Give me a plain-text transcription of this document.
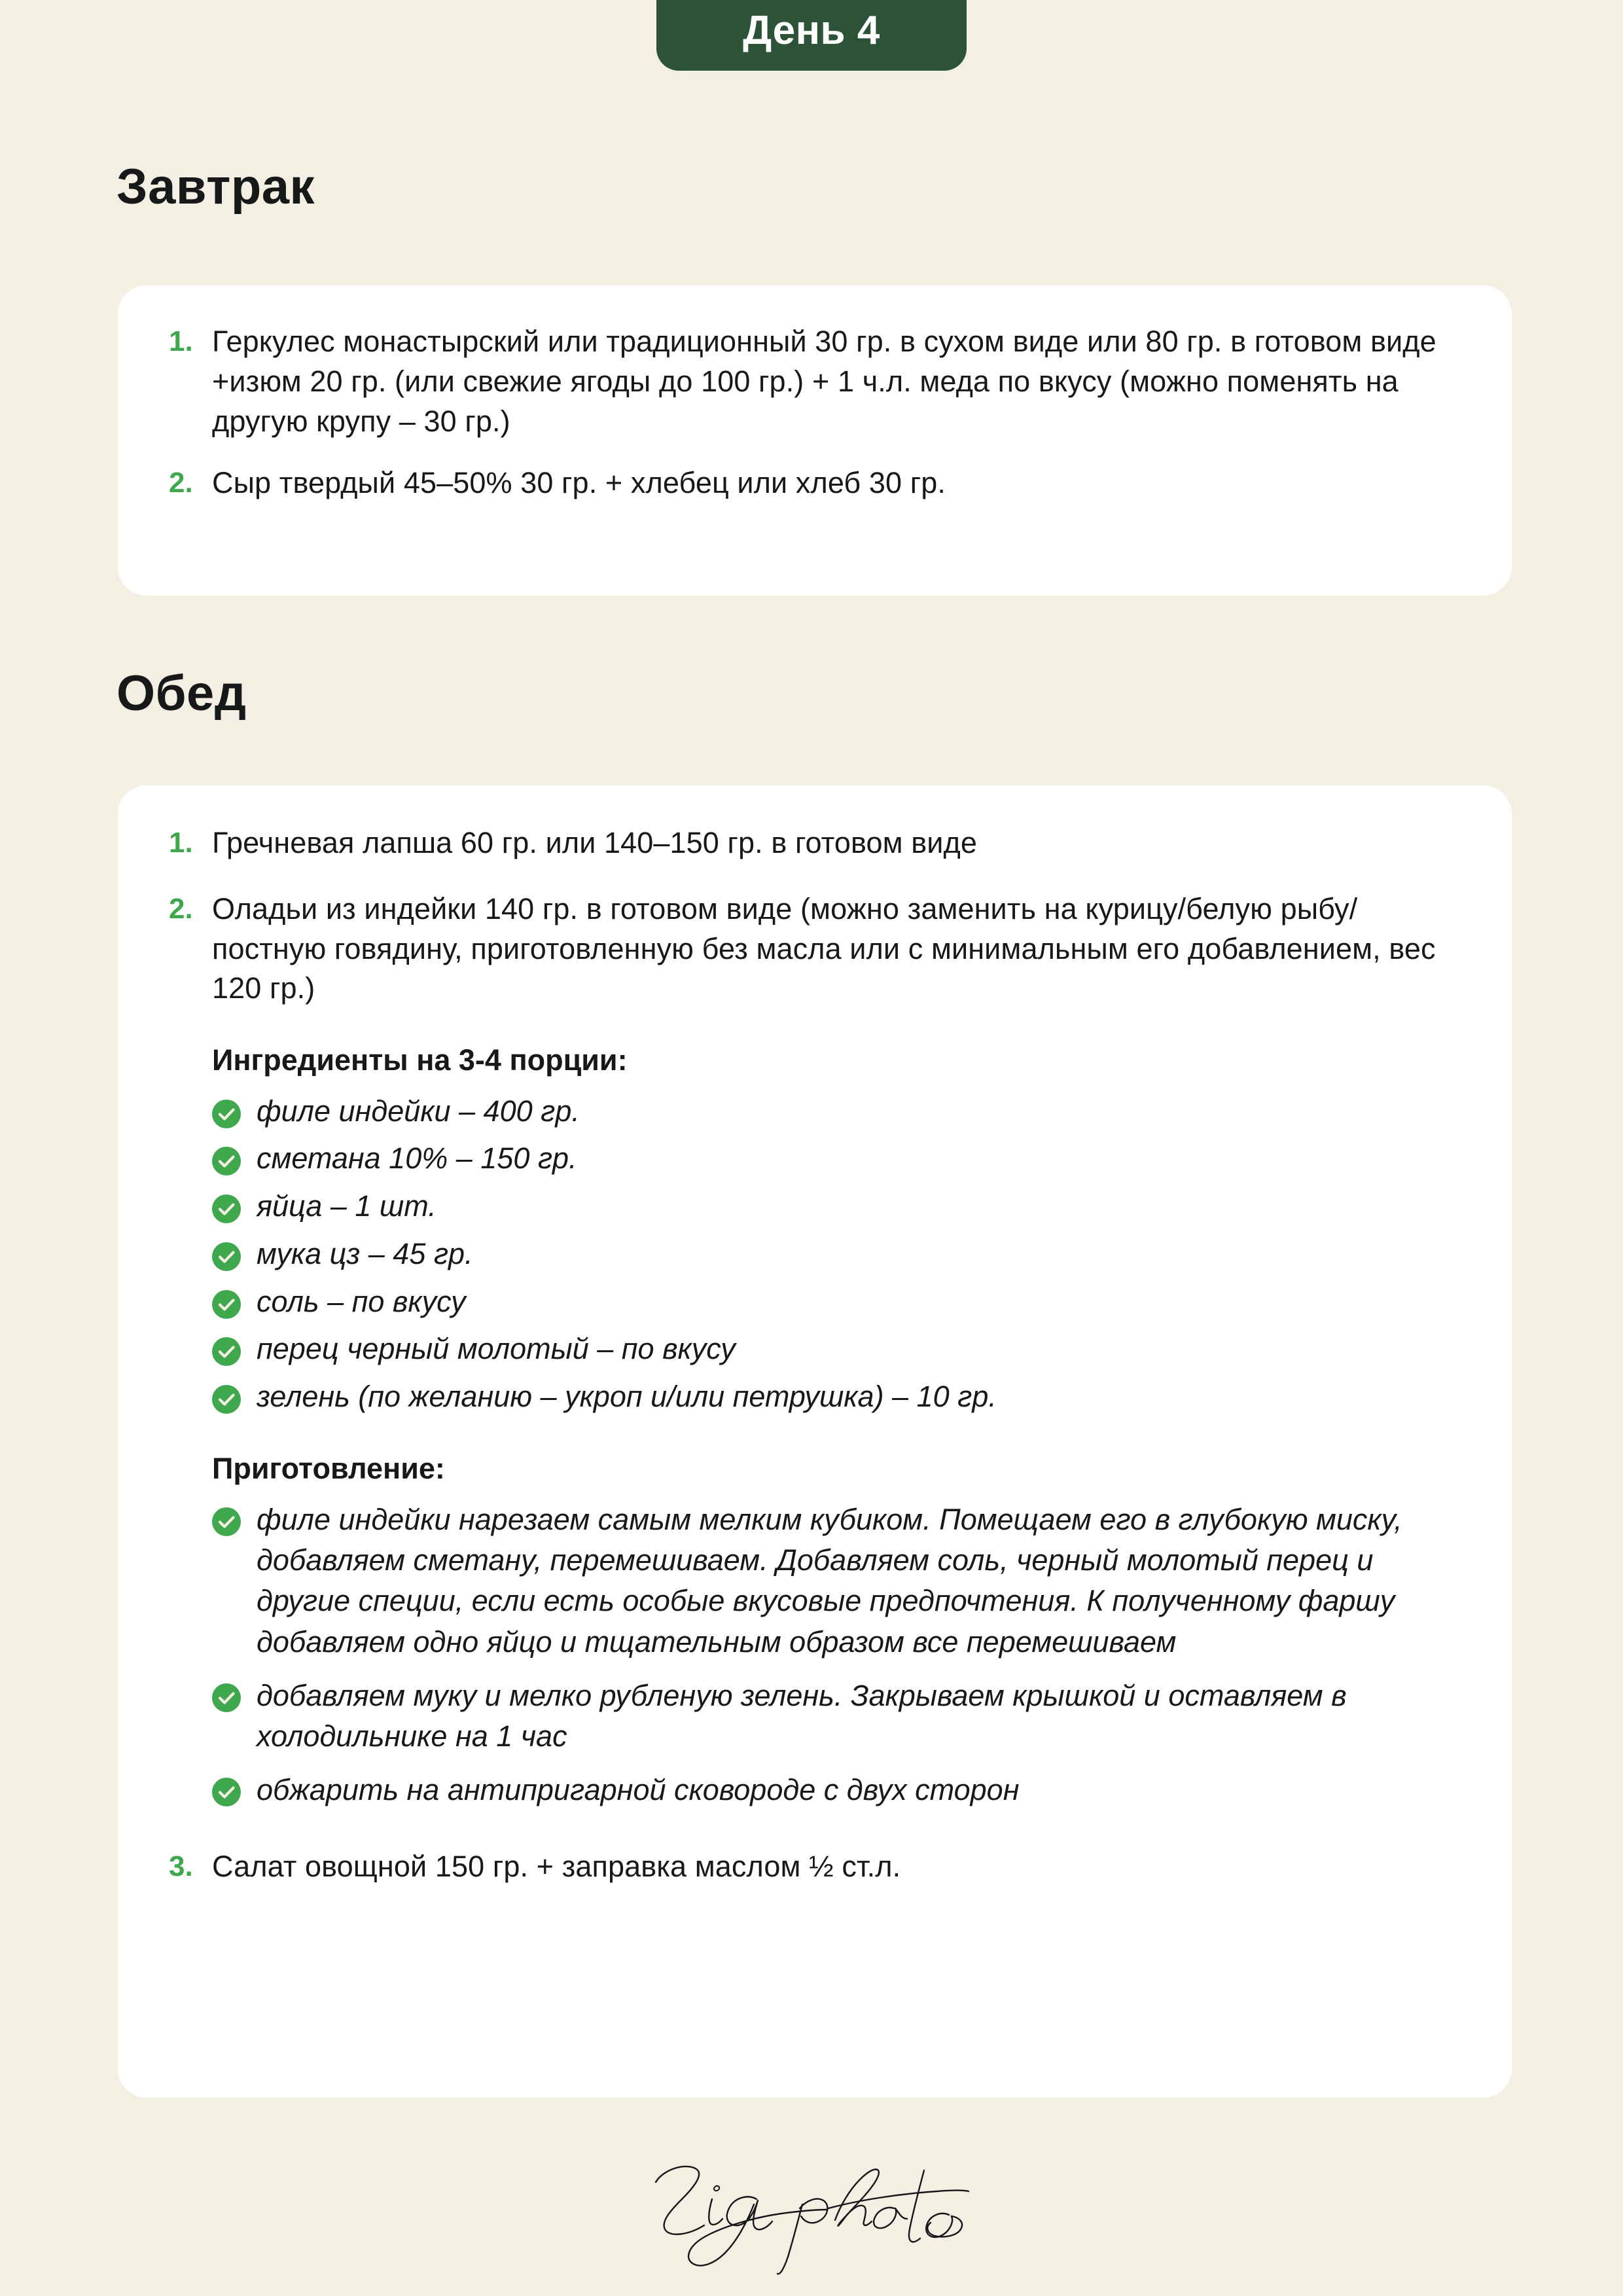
День 4
Завтрак
1. Геркулес монастырский или традиционный 30 гр. в сухом виде или 80 гр. в готовом виде +изюм 20 гр. (или свежие ягоды до 100 гр.) + 1 ч.л. меда по вкусу (можно поменять на другую крупу – 30 гр.)
2. Сыр твердый 45–50% 30 гр. + хлебец или хлеб 30 гр.
Обед
1. Гречневая лапша 60 гр. или 140–150 гр. в готовом виде
2. Оладьи из индейки 140 гр. в готовом виде (можно заменить на курицу/белую рыбу/постную говядину, приготовленную без масла или с минимальным его добавлением, вес 120 гр.)
Ингредиенты на 3-4 порции:
филе индейки – 400 гр.
сметана 10% – 150 гр.
яйца – 1 шт.
мука цз – 45 гр.
соль – по вкусу
перец черный молотый – по вкусу
зелень (по желанию – укроп и/или петрушка) – 10 гр.
Приготовление:
филе индейки нарезаем самым мелким кубиком. Помещаем его в глубокую миску, добавляем сметану, перемешиваем. Добавляем соль, черный молотый перец и другие специи, если есть особые вкусовые предпочтения. К полученному фаршу добавляем одно яйцо и тщательным образом все перемешиваем
добавляем муку и мелко рубленую зелень. Закрываем крышкой и оставляем в холодильнике на 1 час
обжарить на антипригарной сковороде с двух сторон
3. Салат овощной 150 гр. + заправка маслом ½ ст.л.
